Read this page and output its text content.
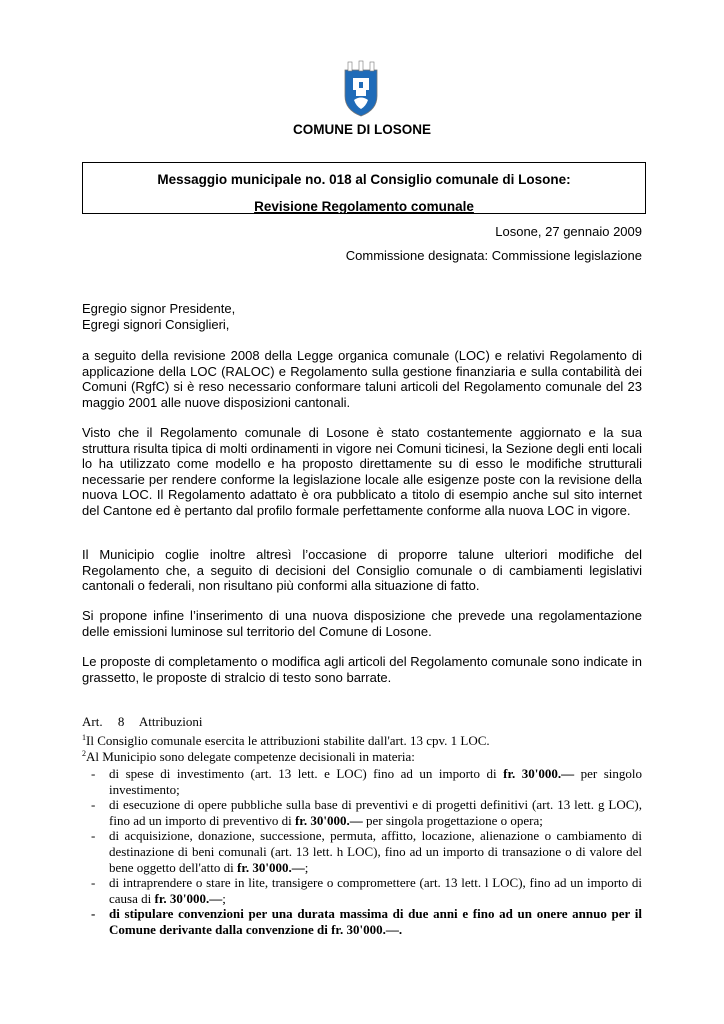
COMUNE DI LOSONE
Messaggio municipale no. 018 al Consiglio comunale di Losone:
Revisione Regolamento comunale
Losone, 27 gennaio 2009
Commissione designata: Commissione legislazione
Egregio signor Presidente,
Egregi signori Consiglieri,

a seguito della revisione 2008 della Legge organica comunale (LOC) e relativi Regolamento di applicazione della LOC (RALOC) e Regolamento sulla gestione finanziaria e sulla contabilità dei Comuni (RgfC) si è reso necessario conformare taluni articoli del Regolamento comunale del 23 maggio 2001 alle nuove disposizioni cantonali.

Visto che il Regolamento comunale di Losone è stato costantemente aggiornato e la sua struttura risulta tipica di molti ordinamenti in vigore nei Comuni ticinesi, la Sezione degli enti locali lo ha utilizzato come modello e ha proposto direttamente su di esso le modifiche strutturali necessarie per rendere conforme la legislazione locale alle esigenze poste con la revisione della nuova LOC. Il Regolamento adattato è ora pubblicato a titolo di esempio anche sul sito internet del Cantone ed è pertanto dal profilo formale perfettamente conforme alla nuova LOC in vigore.

Il Municipio coglie inoltre altresì l’occasione di proporre talune ulteriori modifiche del Regolamento che, a seguito di decisioni del Consiglio comunale o di cambiamenti legislativi cantonali o federali, non risultano più conformi alla situazione di fatto.

Si propone infine l’inserimento di una nuova disposizione che prevede una regolamentazione delle emissioni luminose sul territorio del Comune di Losone.

Le proposte di completamento o modifica agli articoli del Regolamento comunale sono indicate in grassetto, le proposte di stralcio di testo sono barrate.

Art. 8 Attribuzioni

$^1$Il Consiglio comunale esercita le attribuzioni stabilite dall'art. 13 cpv. 1 LOC.

$^2$Al Municipio sono delegate competenze decisionali in materia:

- di spese di investimento (art. 13 lett. e LOC) fino ad un importo di fr. 30'000.— per singolo investimento;
- di esecuzione di opere pubbliche sulla base di preventivi e di progetti definitivi (art. 13 lett. g LOC), fino ad un importo di preventivo di fr. 30'000.— per singola progettazione o opera;
- di acquisizione, donazione, successione, permuta, affitto, locazione, alienazione o cambiamento di destinazione di beni comunali (art. 13 lett. h LOC), fino ad un importo di transazione o di valore del bene oggetto dell'atto di fr. 30'000.—;
- di intraprendere o stare in lite, transigere o compromettere (art. 13 lett. l LOC), fino ad un importo di causa di fr. 30'000.—;
- di stipulare convenzioni per una durata massima di due anni e fino ad un onere annuo per il Comune derivante dalla convenzione di fr. 30'000.—.
